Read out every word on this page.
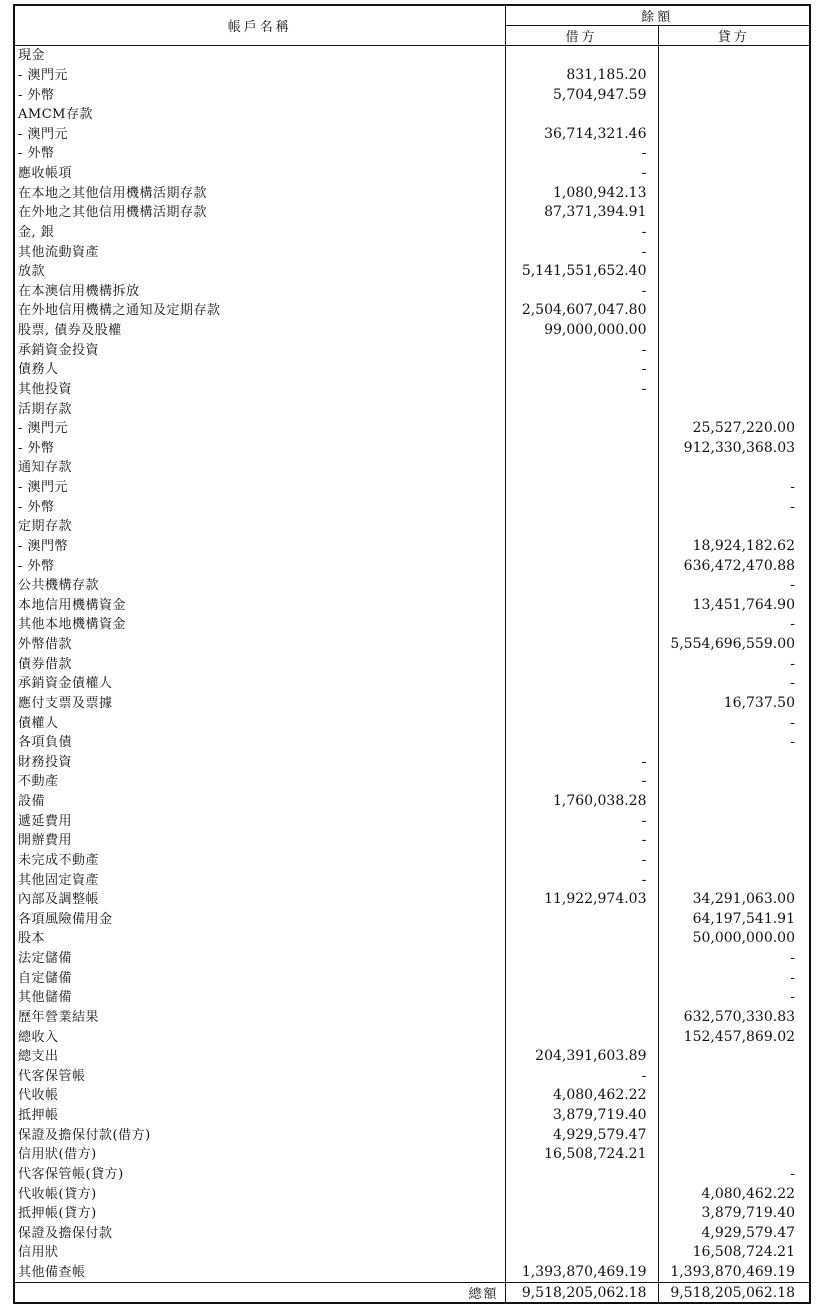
帳戶名稱	餘額	
	借方	貸方
現金		
- 澳門元	831,185.20	
- 外幣	5,704,947.59	
AMCM存款		
- 澳門元	36,714,321.46	
- 外幣	-	
應收帳項	-	
在本地之其他信用機構活期存款	1,080,942.13	
在外地之其他信用機構活期存款	87,371,394.91	
金, 銀	-	
其他流動資產	-	
放款	5,141,551,652.40	
在本澳信用機構拆放	-	
在外地信用機構之通知及定期存款	2,504,607,047.80	
股票, 債券及股權	99,000,000.00	
承銷資金投資	-	
債務人	-	
其他投資	-	
活期存款		
- 澳門元		25,527,220.00
- 外幣		912,330,368.03
通知存款		
- 澳門元		-
- 外幣		-
定期存款		
- 澳門幣		18,924,182.62
- 外幣		636,472,470.88
公共機構存款		-
本地信用機構資金		13,451,764.90
其他本地機構資金		-
外幣借款		5,554,696,559.00
債券借款		-
承銷資金債權人		-
應付支票及票據		16,737.50
債權人		-
各項負債		-
財務投資	-	
不動產	-	
設備	1,760,038.28	
遞延費用	-	
開辦費用	-	
未完成不動產	-	
其他固定資產	-	
內部及調整帳	11,922,974.03	34,291,063.00
各項風險備用金		64,197,541.91
股本		50,000,000.00
法定儲備		-
自定儲備		-
其他儲備		-
歷年營業結果		632,570,330.83
總收入		152,457,869.02
總支出	204,391,603.89	
代客保管帳	-	
代收帳	4,080,462.22	
抵押帳	3,879,719.40	
保證及擔保付款(借方)	4,929,579.47	
信用狀(借方)	16,508,724.21	
代客保管帳(貸方)		-
代收帳(貸方)		4,080,462.22
抵押帳(貸方)		3,879,719.40
保證及擔保付款		4,929,579.47
信用狀		16,508,724.21
其他備查帳	1,393,870,469.19	1,393,870,469.19
總額	9,518,205,062.18	9,518,205,062.18
